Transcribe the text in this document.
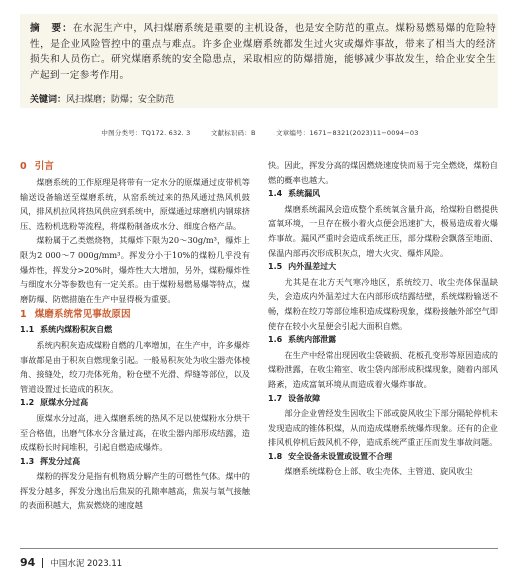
摘　要：在水泥生产中，风扫煤磨系统是重要的主机设备，也是安全防范的重点。煤粉易燃易爆的危险特性，是企业风险管控中的重点与难点。许多企业煤磨系统都发生过火灾或爆炸事故，带来了相当大的经济损失和人员伤亡。研究煤磨系统的安全隐患点，采取相应的防爆措施，能够减少事故发生，给企业安全生产起到一定参考作用。
关键词：风扫煤磨；防爆；安全防范
中图分类号：TQ172. 632. 3	文献标识码：B	文章编号：1671−8321(2023)11−0094−03
0 引言

煤磨系统的工作原理是将带有一定水分的原煤通过皮带机等输送设备输送至煤磨系统，从窑系统过来的热风通过热风机鼓风，排风机拉风将热风供应到系统中，原煤通过球磨机内钢球挤压、选粉机选粉等流程，将煤粉制备成水分、细度合格产品。

煤粉属于乙类燃烧物，其爆炸下限为20～30g/m³，爆炸上限为2 000～7 000g/mm³。挥发分小于10%的煤粉几乎没有爆炸性，挥发分>20%时，爆炸性大大增加，另外，煤粉爆炸性与细度水分等参数也有一定关系。由于煤粉易燃易爆等特点，煤磨防爆、防燃措施在生产中显得极为重要。

1 煤磨系统常见事故原因
1.1 系统内煤粉积灰自燃

系统内积灰造成煤粉自燃的几率增加，在生产中，许多爆炸事故都是由于积灰自燃现象引起。一般易积灰处为收尘器壳体棱角、接缝处，绞刀壳体死角，粉仓壁不光滑、焊缝等部位，以及管道设置过长造成的积灰。

1.2 原煤水分过高

原煤水分过高，进入煤磨系统的热风不足以使煤粉水分烘干至合格值，出磨气体水分含量过高，在收尘器内部形成结露，造成煤粉长时间堆积，引起自燃造成爆炸。

1.3 挥发分过高

煤粉的挥发分是指有机物质分解产生的可燃性气体。煤中的挥发分越多，挥发分逸出后焦炭的孔隙率越高，焦炭与氧气接触的表面积越大，焦炭燃烧的速度越

快。因此，挥发分高的煤因燃烧速度快而易于完全燃烧，煤粉自燃的概率也越大。

1.4 系统漏风

煤磨系统漏风会造成整个系统氧含量升高，给煤粉自燃提供富氧环境，一旦存在极小着火点便会迅速扩大，极易造成着火爆炸事故。漏风严重时会造成系统正压，部分煤粉会飘落至地面、保温内部再次形成积灰点，增大火灾、爆炸风险。

1.5 内外温差过大

尤其是在北方天气寒冷地区，系统绞刀、收尘壳体保温缺失，会造成内外温差过大在内部形成结露结壁，系统煤粉输送不畅，煤粉在绞刀等部位堆积造成煤粉现象，煤粉接触外部空气即使存在较小火星便会引起大面积自燃。

1.6 系统内部泄露

在生产中经常出现因收尘袋破损、花板孔变形等原因造成的煤粉泄露，在收尘箱室、收尘袋内部形成积煤现象，随着内部风路紊，造成富氧环境从而造成着火爆炸事故。

1.7 设备故障

部分企业曾经发生因收尘下部或旋风收尘下部分隔轮停机未发现造成的锥体积煤，从而造成煤磨系统爆炸现象。还有的企业排风机停机后鼓风机不停，造成系统严重正压而发生事故问题。

1.8 安全设备未设置或设置不合理

煤磨系统煤粉仓上部、收尘壳体、主管道、旋风收尘

94 中国水泥 2023.11
